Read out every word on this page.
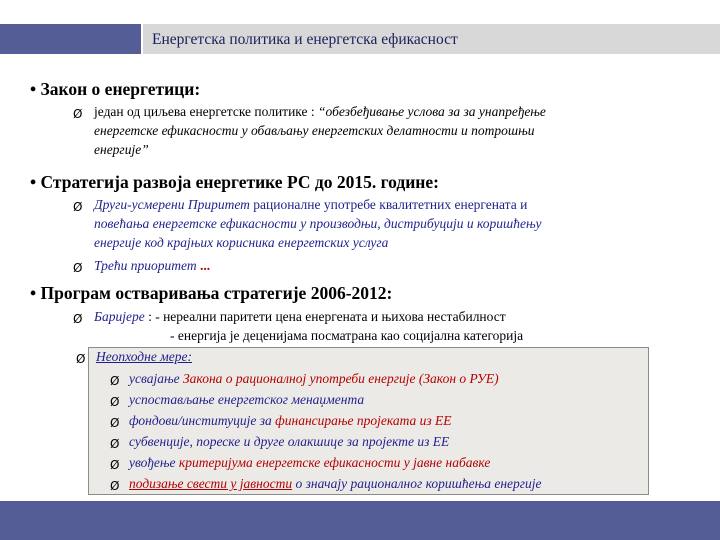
Енергетска политика и енергетска ефикасност
• Закон о енергетици:
Ø један од циљева енергетске политике : “обезбеђивање услова за за унапређење
енергетске ефикасности у обављању енергетских делатности и потрошњи
енергије”
• Стратегија развоја енергетике РС до 2015. године:
Ø Други-усмерени Приритет рационалне употребе квалитетних енергената и
повећања енергетске ефикасности у производњи, дистрибуцији и коришћењу
енергије код крајњих корисника енергетских услуга
Ø Трећи приоритет ...
• Програм остваривања стратегије 2006-2012:
Ø Баријере : - нереални паритети цена енергената и њихова нестабилност
- енергија је деценијама посматрана као социјална категорија
Ø Неопходне мере:
Ø усвајање Закона о рационалној употреби енергије (Закон о РУЕ)
Ø успостављање енергетског менаџмента
Ø фондови/институције за финансирање пројеката из ЕЕ
Ø субвенције, пореске и друге олакшице за пројекте из ЕЕ
Ø увођење критеријума енергетске ефикасности у јавне набавке
Ø подизање свести у јавности о значају рационалног коришћења енергије
